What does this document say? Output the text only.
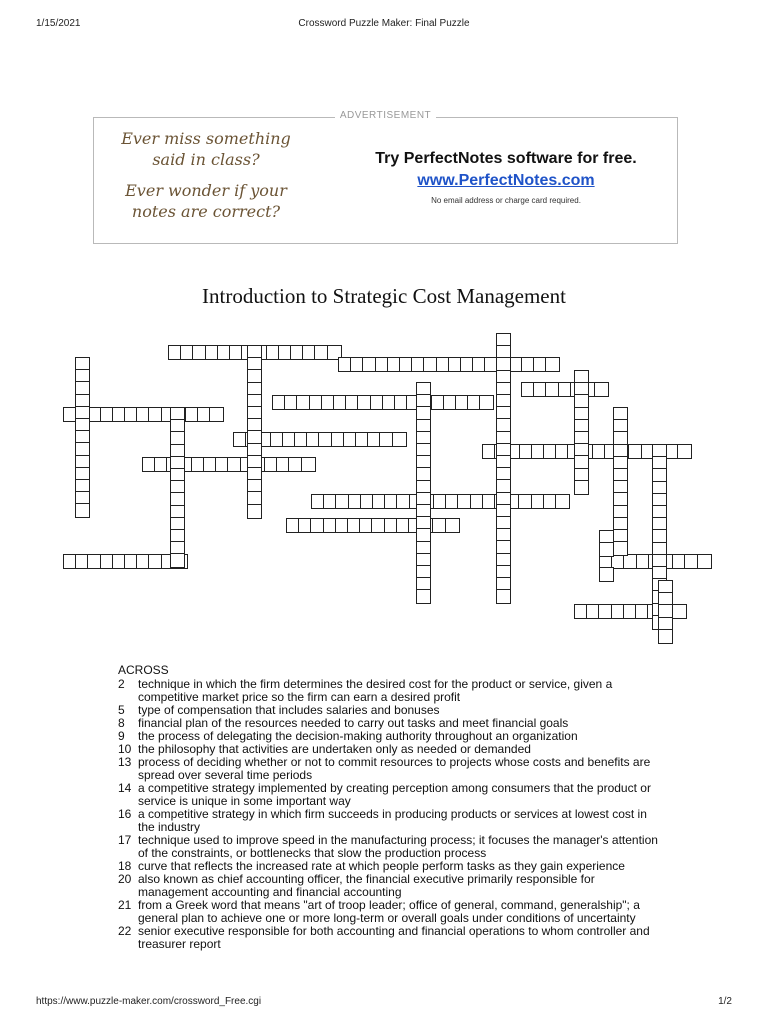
1/15/2021	Crossword Puzzle Maker: Final Puzzle
ADVERTISEMENT

Ever miss something said in class?

Ever wonder if your notes are correct?

Try PerfectNotes software for free.
www.PerfectNotes.com
No email address or charge card required.
Introduction to Strategic Cost Management
ACROSS
2 technique in which the firm determines the desired cost for the product or service, given a competitive market price so the firm can earn a desired profit
5 type of compensation that includes salaries and bonuses
8 financial plan of the resources needed to carry out tasks and meet financial goals
9 the process of delegating the decision-making authority throughout an organization
10 the philosophy that activities are undertaken only as needed or demanded
13 process of deciding whether or not to commit resources to projects whose costs and benefits are spread over several time periods
14 a competitive strategy implemented by creating perception among consumers that the product or service is unique in some important way
16 a competitive strategy in which firm succeeds in producing products or services at lowest cost in the industry
17 technique used to improve speed in the manufacturing process; it focuses the manager's attention of the constraints, or bottlenecks that slow the production process
18 curve that reflects the increased rate at which people perform tasks as they gain experience
20 also known as chief accounting officer, the financial executive primarily responsible for management accounting and financial accounting
21 from a Greek word that means "art of troop leader; office of general, command, generalship"; a general plan to achieve one or more long-term or overall goals under conditions of uncertainty
22 senior executive responsible for both accounting and financial operations to whom controller and treasurer report
https://www.puzzle-maker.com/crossword_Free.cgi	1/2
